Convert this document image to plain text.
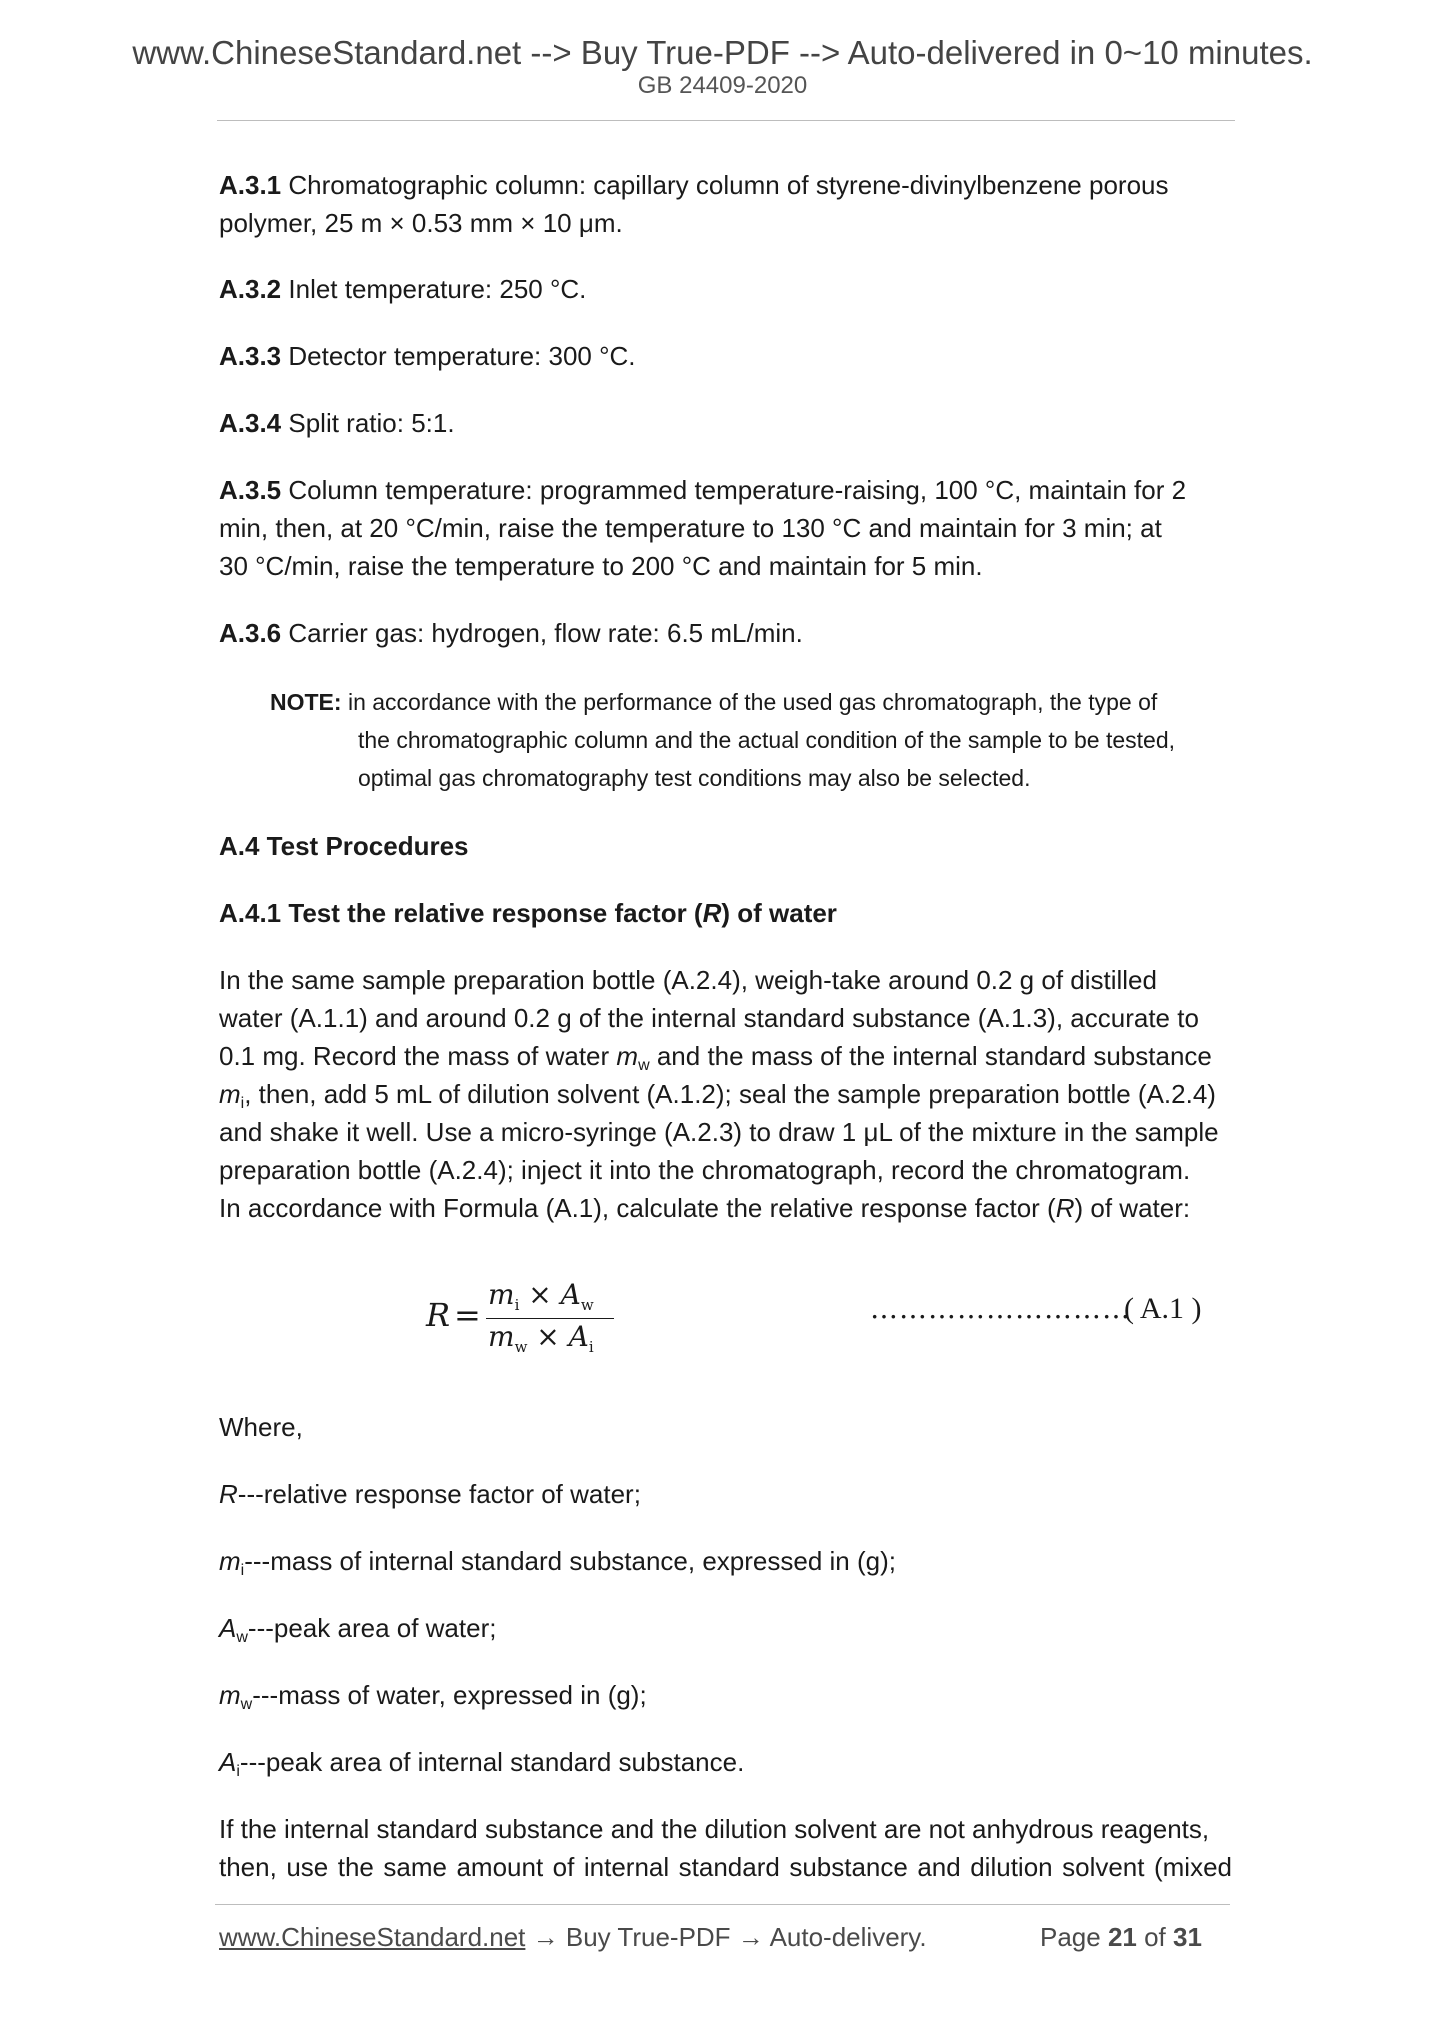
www.ChineseStandard.net --> Buy True-PDF --> Auto-delivered in 0~10 minutes.
GB 24409-2020
A.3.1 Chromatographic column: capillary column of styrene-divinylbenzene porous
polymer, 25 m × 0.53 mm × 10 μm.
A.3.2 Inlet temperature: 250 °C.
A.3.3 Detector temperature: 300 °C.
A.3.4 Split ratio: 5:1.
A.3.5 Column temperature: programmed temperature-raising, 100 °C, maintain for 2
min, then, at 20 °C/min, raise the temperature to 130 °C and maintain for 3 min; at
30 °C/min, raise the temperature to 200 °C and maintain for 5 min.
A.3.6 Carrier gas: hydrogen, flow rate: 6.5 mL/min.
NOTE: in accordance with the performance of the used gas chromatograph, the type of
the chromatographic column and the actual condition of the sample to be tested,
optimal gas chromatography test conditions may also be selected.
A.4 Test Procedures
A.4.1 Test the relative response factor (R) of water
In the same sample preparation bottle (A.2.4), weigh-take around 0.2 g of distilled
water (A.1.1) and around 0.2 g of the internal standard substance (A.1.3), accurate to
0.1 mg. Record the mass of water $m_w$ and the mass of the internal standard substance
$m_i$, then, add 5 mL of dilution solvent (A.1.2); seal the sample preparation bottle (A.2.4)
and shake it well. Use a micro-syringe (A.2.3) to draw 1 μL of the mixture in the sample
preparation bottle (A.2.4); inject it into the chromatograph, record the chromatogram.
In accordance with Formula (A.1), calculate the relative response factor (R) of water:
R =
$m_i \times A_w$
$m_w \times A_i$
………………………
( A.1 )
Where,
R---relative response factor of water;
$m_i--$-mass of internal standard substance, expressed in (g);
$A_w--$-peak area of water;
$m_w--$-mass of water, expressed in (g);
$A_i--$-peak area of internal standard substance.
If the internal standard substance and the dilution solvent are not anhydrous reagents,
then, use the same amount of internal standard substance and dilution solvent (mixed
www.ChineseStandard.net → Buy True-PDF → Auto-delivery.	Page 21 of 31
